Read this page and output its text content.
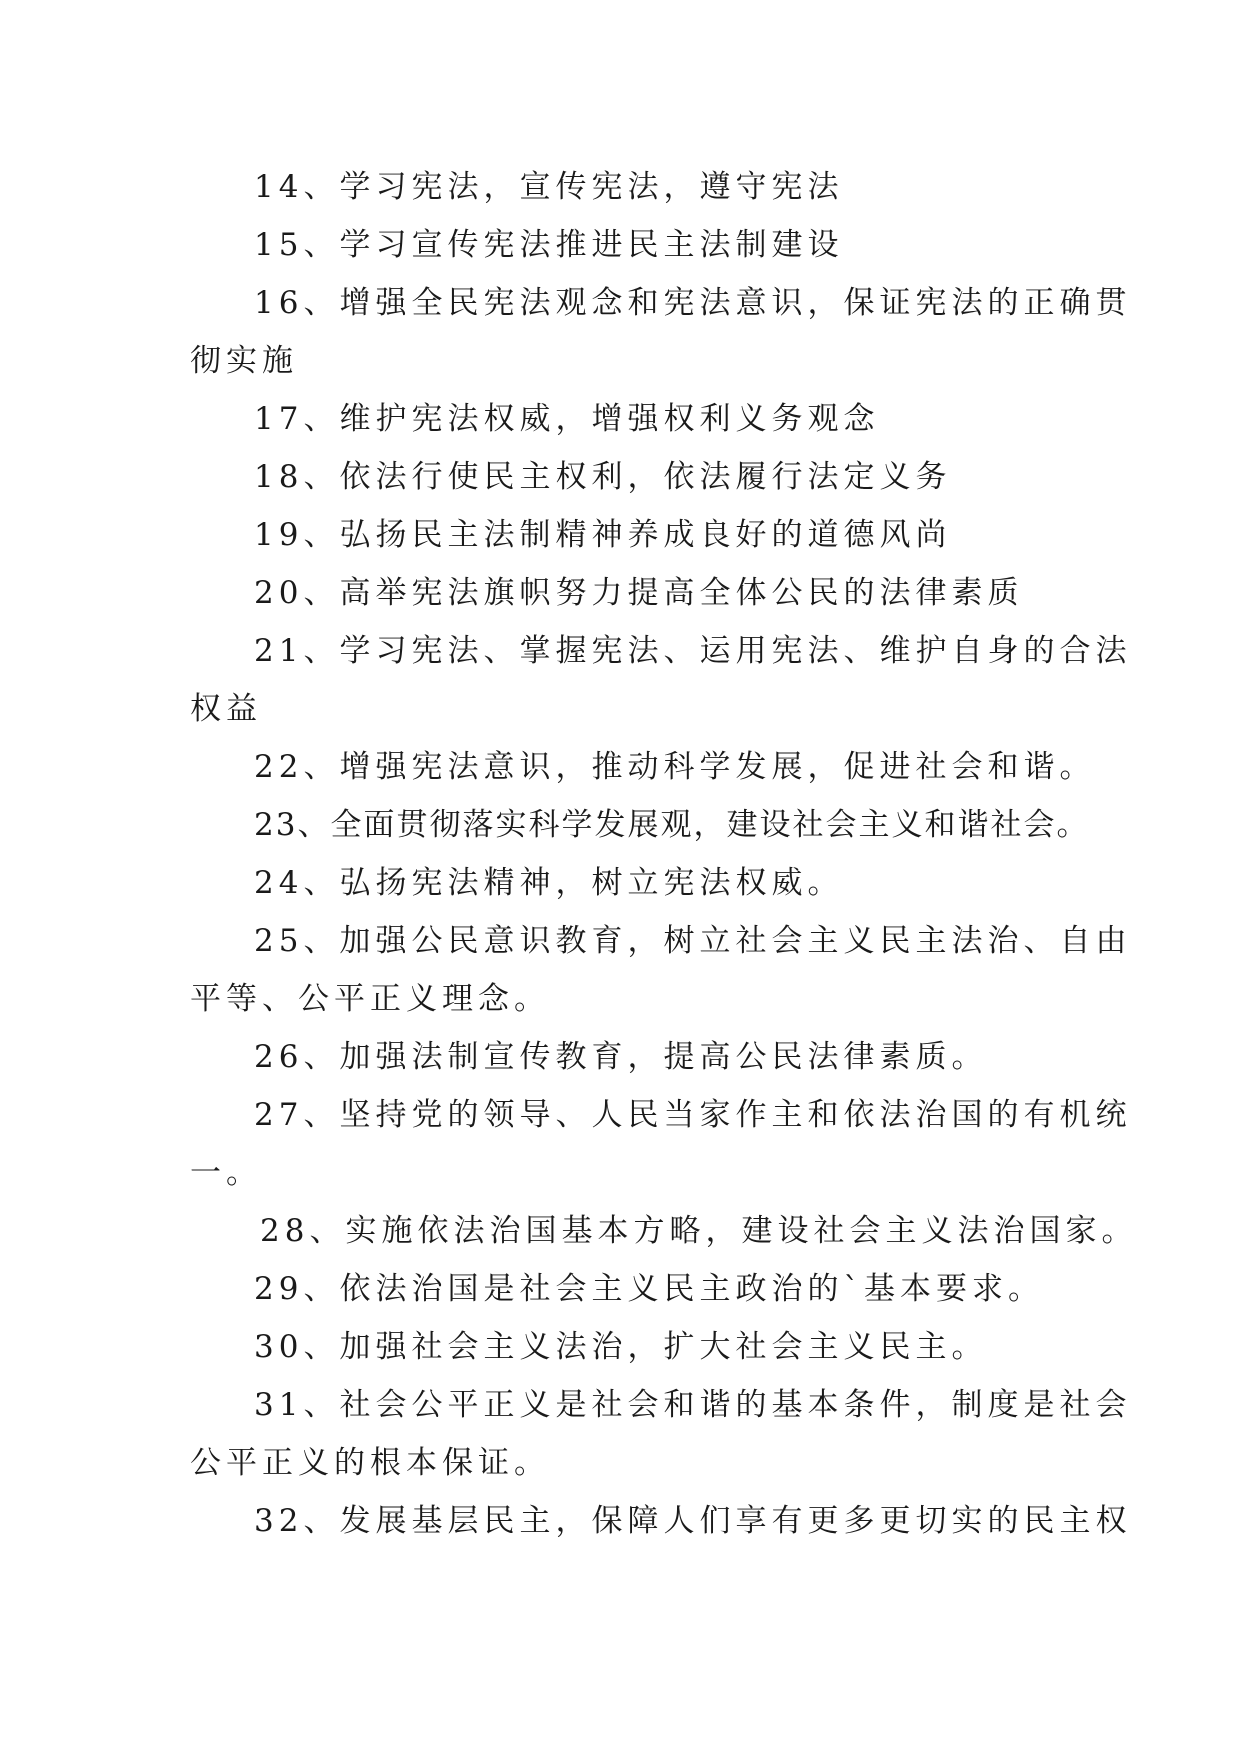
14、学习宪法，宣传宪法，遵守宪法

15、学习宣传宪法推进民主法制建设

16、增强全民宪法观念和宪法意识，保证宪法的正确贯

彻实施

17、维护宪法权威，增强权利义务观念

18、依法行使民主权利，依法履行法定义务

19、弘扬民主法制精神养成良好的道德风尚

20、高举宪法旗帜努力提高全体公民的法律素质

21、学习宪法、掌握宪法、运用宪法、维护自身的合法

权益

22、增强宪法意识，推动科学发展，促进社会和谐。

23、全面贯彻落实科学发展观，建设社会主义和谐社会。

24、弘扬宪法精神，树立宪法权威。

25、加强公民意识教育，树立社会主义民主法治、自由

平等、公平正义理念。

26、加强法制宣传教育，提高公民法律素质。

27、坚持党的领导、人民当家作主和依法治国的有机统

一。

28、实施依法治国基本方略，建设社会主义法治国家。

29、依法治国是社会主义民主政治的`基本要求。

30、加强社会主义法治，扩大社会主义民主。

31、社会公平正义是社会和谐的基本条件，制度是社会

公平正义的根本保证。

32、发展基层民主，保障人们享有更多更切实的民主权
